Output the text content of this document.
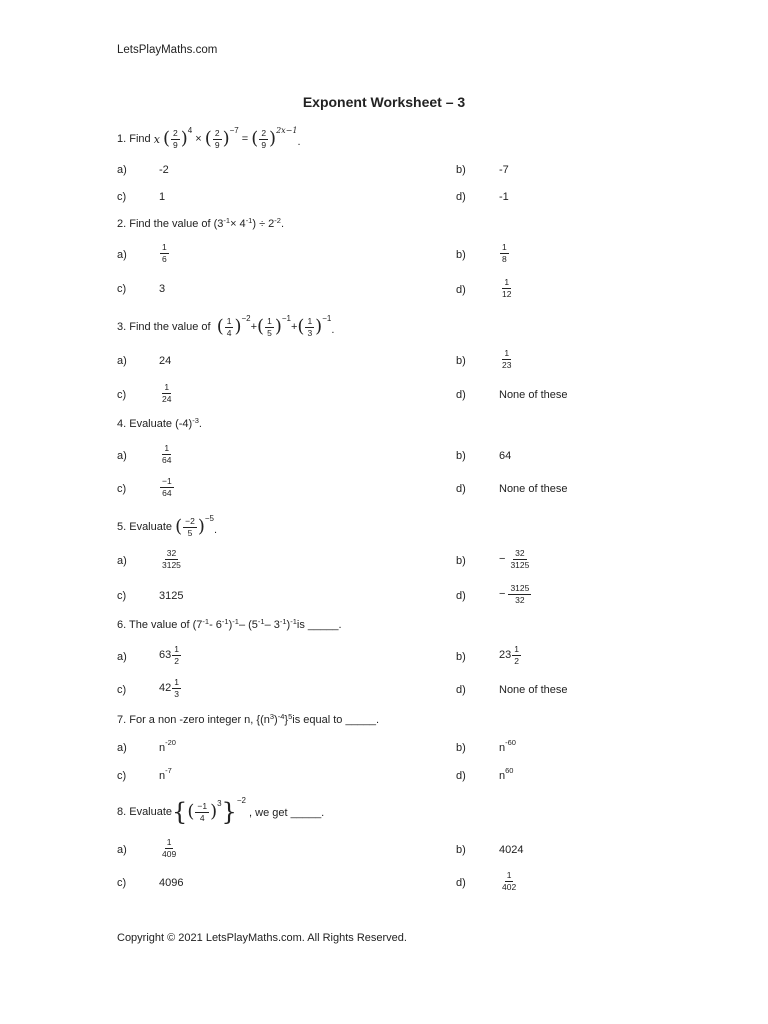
LetsPlayMaths.com
Exponent Worksheet – 3
1. Find
x
( $\frac{2}{9}$ ) 4

×
( $\frac{2}{9}$ ) −7

=
( $\frac{2}{9}$ ) 2x−1
.
a)	-2	b)	-7
c)	1	d)	-1
2. Find the value of ($3^{-1} \times 4^{-1}$ ) ÷ $2^{-2}$ .
a)	$\frac{1}{6}$	b)	$\frac{1}{8}$
c)	3	d)	$\frac{1}{12}$
3. Find the value of
( $\frac{1}{4}$ ) −2
+ ( $\frac{1}{5}$ ) −1
+ ( $\frac{1}{3}$ ) −1
.
a)	24	b)	$\frac{1}{23}$
c)	$\frac{1}{24}$	d)	None of these
4. Evaluate $(-4)^{-3}$ .
a)	$\frac{1}{64}$	b)	64
c)	$\frac{-1}{64}$	d)	None of these
5. Evaluate
( $\frac{-2}{5}$ ) −5
.
a)	$\frac{32}{3125}$	b)	− $\frac{32}{3125}$
c)	3125	d)	− $\frac{3125}{32}$
6. The value of ($7^{-1} - 6^{-1}$ )$^{-1} - (5^{-1} - 3^{-1}$ )$^{-1}$ is _____.
a)	$63 \frac{1}{2}$	b)	$23 \frac{1}{2}$
c)	$42 \frac{1}{3}$	d)	None of these
7. For a non -zero integer n, {($n^3$ )$^{-4}$ }$^5$ is equal to _____.
a)	$n^{-20}$	b)	$n^{-60}$
c)	$n^{-7}$	d)	$n^{60}$
8. Evaluate { ( $\frac{-1}{4}$ ) 3 } −2

, we get _____.
a)	$\frac{1}{409}$	b)	4024
c)	4096	d)	$\frac{1}{402}$
Copyright © 2021 LetsPlayMaths.com. All Rights Reserved.
